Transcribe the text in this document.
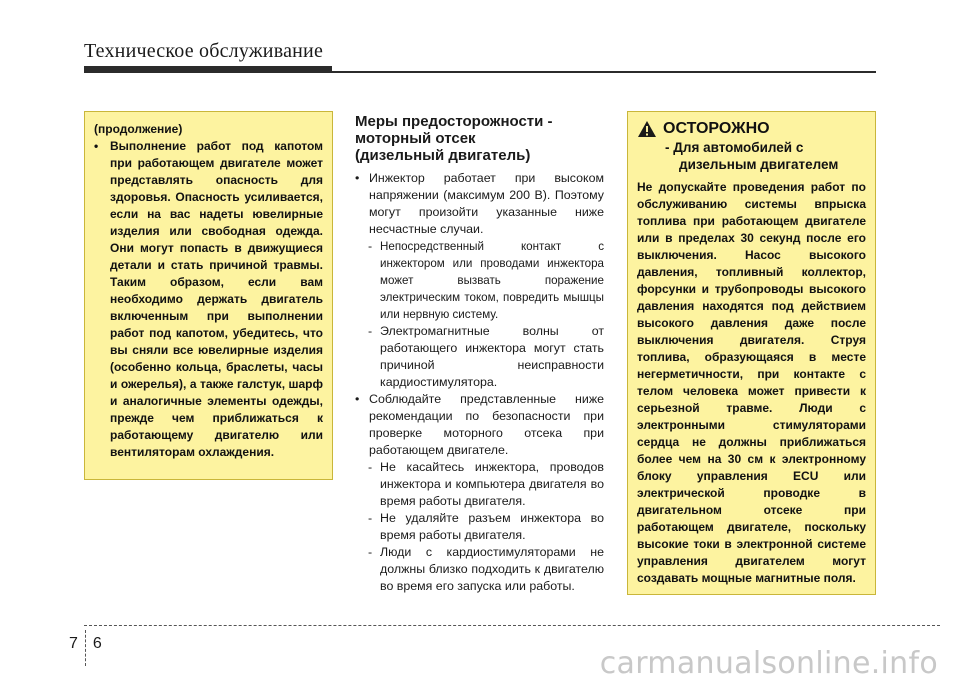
Техническое обслуживание
(продолжение)
• Выполнение работ под капотом при работающем двигателе может представлять опасность для здоровья. Опасность усиливается, если на вас надеты ювелирные изделия или свободная одежда. Они могут попасть в движущиеся детали и стать причиной травмы. Таким образом, если вам необходимо держать двигатель включенным при выполнении работ под капотом, убедитесь, что вы сняли все ювелирные изделия (особенно кольца, браслеты, часы и ожерелья), а также галстук, шарф и аналогичные элементы одежды, прежде чем приближаться к работающему двигателю или вентиляторам охлаждения.
Меры предосторожности -
моторный отсек
(дизельный двигатель)
• Инжектор работает при высоком напряжении (максимум 200 В). Поэтому могут произойти указанные ниже несчастные случаи.
- Непосредственный контакт с инжектором или проводами инжектора может вызвать поражение электрическим током, повредить мышцы или нервную систему.
- Электромагнитные волны от работающего инжектора могут стать причиной неисправности кардиостимулятора.
• Соблюдайте представленные ниже рекомендации по безопасности при проверке моторного отсека при работающем двигателе.
- Не касайтесь инжектора, проводов инжектора и компьютера двигателя во время работы двигателя.
- Не удаляйте разъем инжектора во время работы двигателя.
- Люди с кардиостимуляторами не должны близко подходить к двигателю во время его запуска или работы.
ОСТОРОЖНО
- Для автомобилей с
дизельным двигателем
Не допускайте проведения работ по обслуживанию системы впрыска топлива при работающем двигателе или в пределах 30 секунд после его выключения. Насос высокого давления, топливный коллектор, форсунки и трубопроводы высокого давления находятся под действием высокого давления даже после выключения двигателя. Струя топлива, образующаяся в месте негерметичности, при контакте с телом человека может привести к серьезной травме. Люди с электронными стимуляторами сердца не должны приближаться более чем на 30 см к электронному блоку управления ECU или электрической проводке в двигательном отсеке при работающем двигателе, поскольку высокие токи в электронной системе управления двигателем могут создавать мощные магнитные поля.
7 6
carmanualsonline.info
